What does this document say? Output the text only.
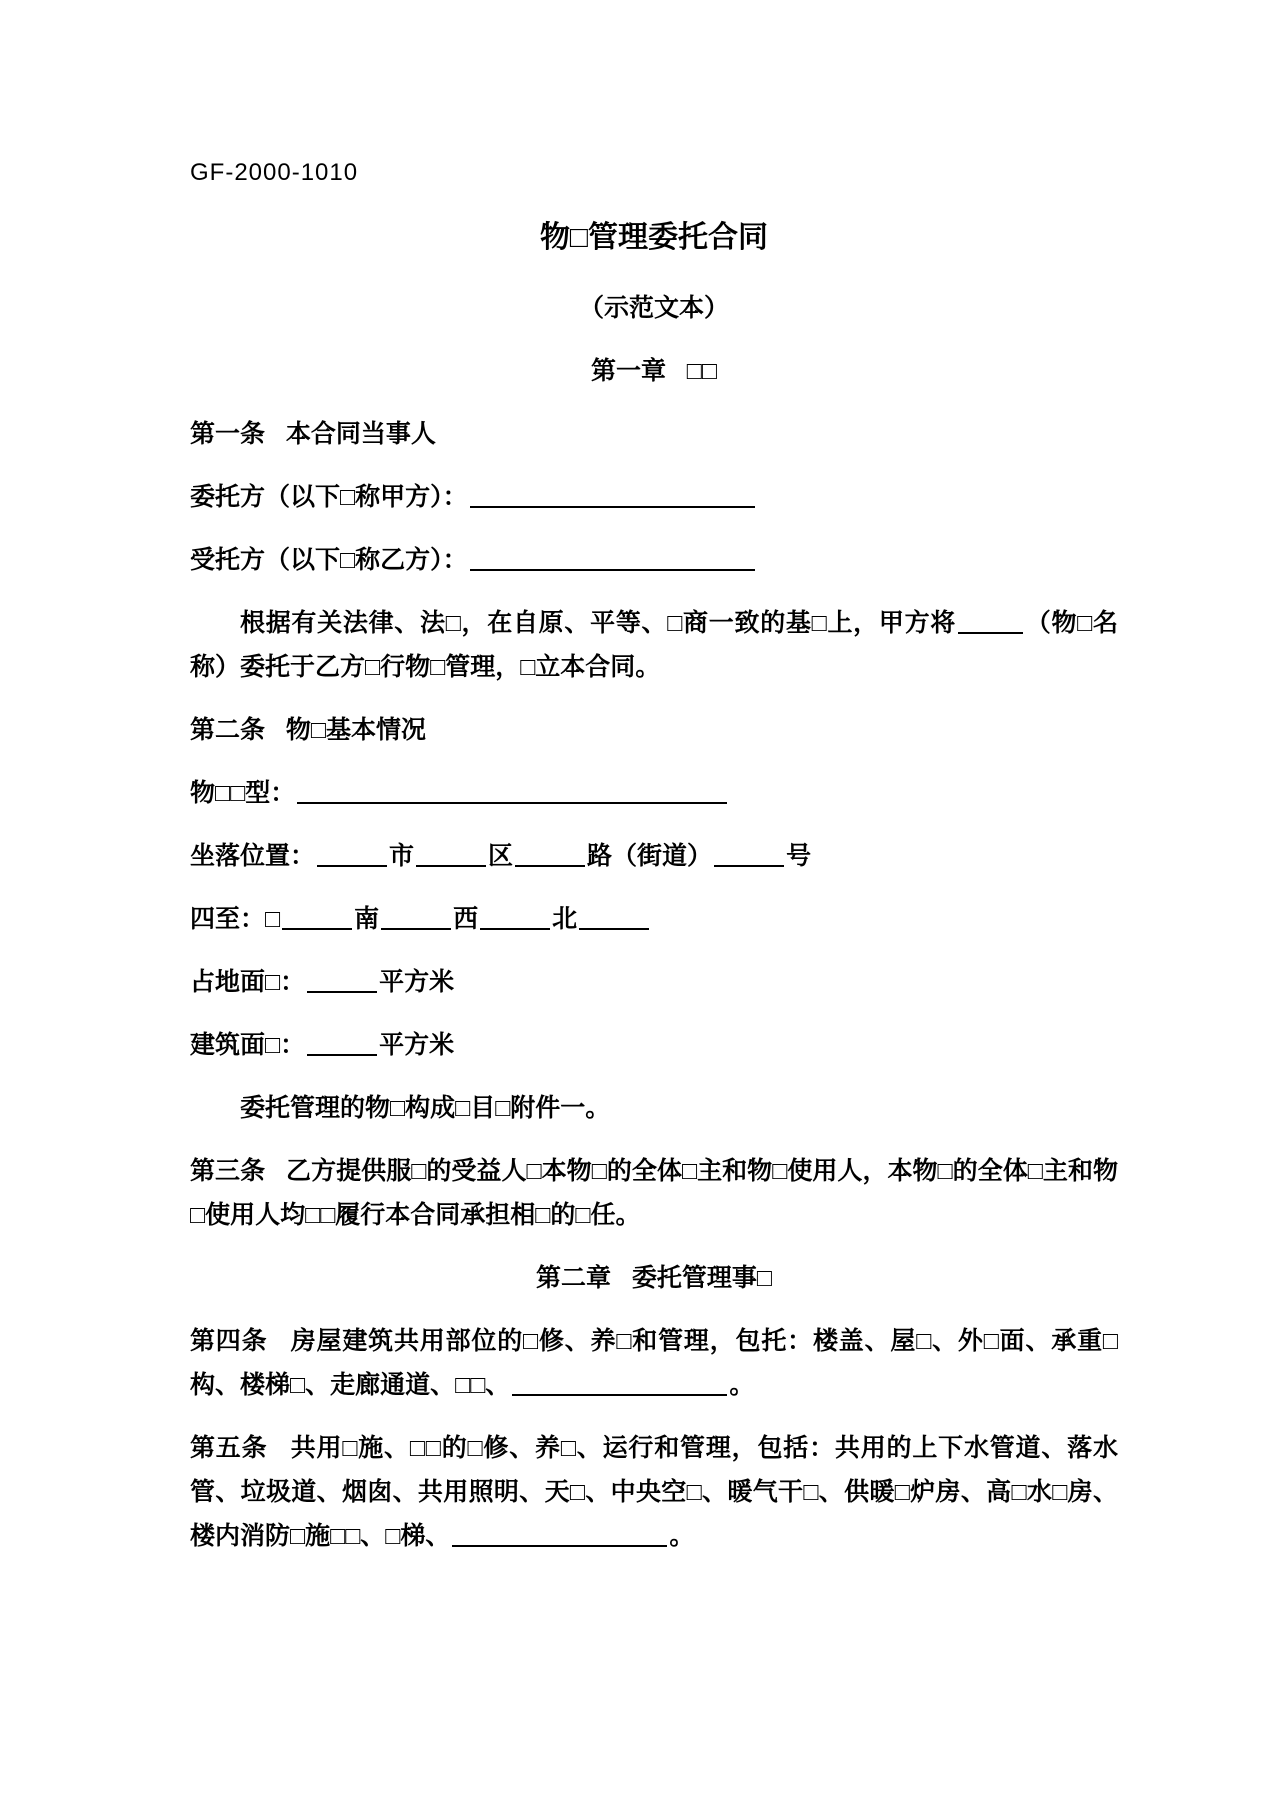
GF-2000-1010

物□管理委托合同

（示范文本）

第一章   □□

第一条   本合同当事人

委托方（以下□称甲方）：

受托方（以下□称乙方）：

根据有关法律、法□，在自原、平等、□商一致的基□上，甲方将	（物□名称）委托于乙方□行物□管理，□立本合同。

第二条   物□基本情况

物□□型：

坐落位置：	市	区	路（街道）	号

四至：□	南	西	北

占地面□：	平方米

建筑面□：	平方米

委托管理的物□构成□目□附件一。

第三条   乙方提供服□的受益人□本物□的全体□主和物□使用人，本物□的全体□主和物□使用人均□□履行本合同承担相□的□任。

第二章   委托管理事□

第四条   房屋建筑共用部位的□修、养□和管理，包托：楼盖、屋□、外□面、承重□构、楼梯□、走廊通道、□□、	。

第五条   共用□施、□□的□修、养□、运行和管理，包括：共用的上下水管道、落水管、垃圾道、烟囱、共用照明、天□、中央空□、暖气干□、供暖□炉房、高□水□房、楼内消防□施□□、□梯、	。
